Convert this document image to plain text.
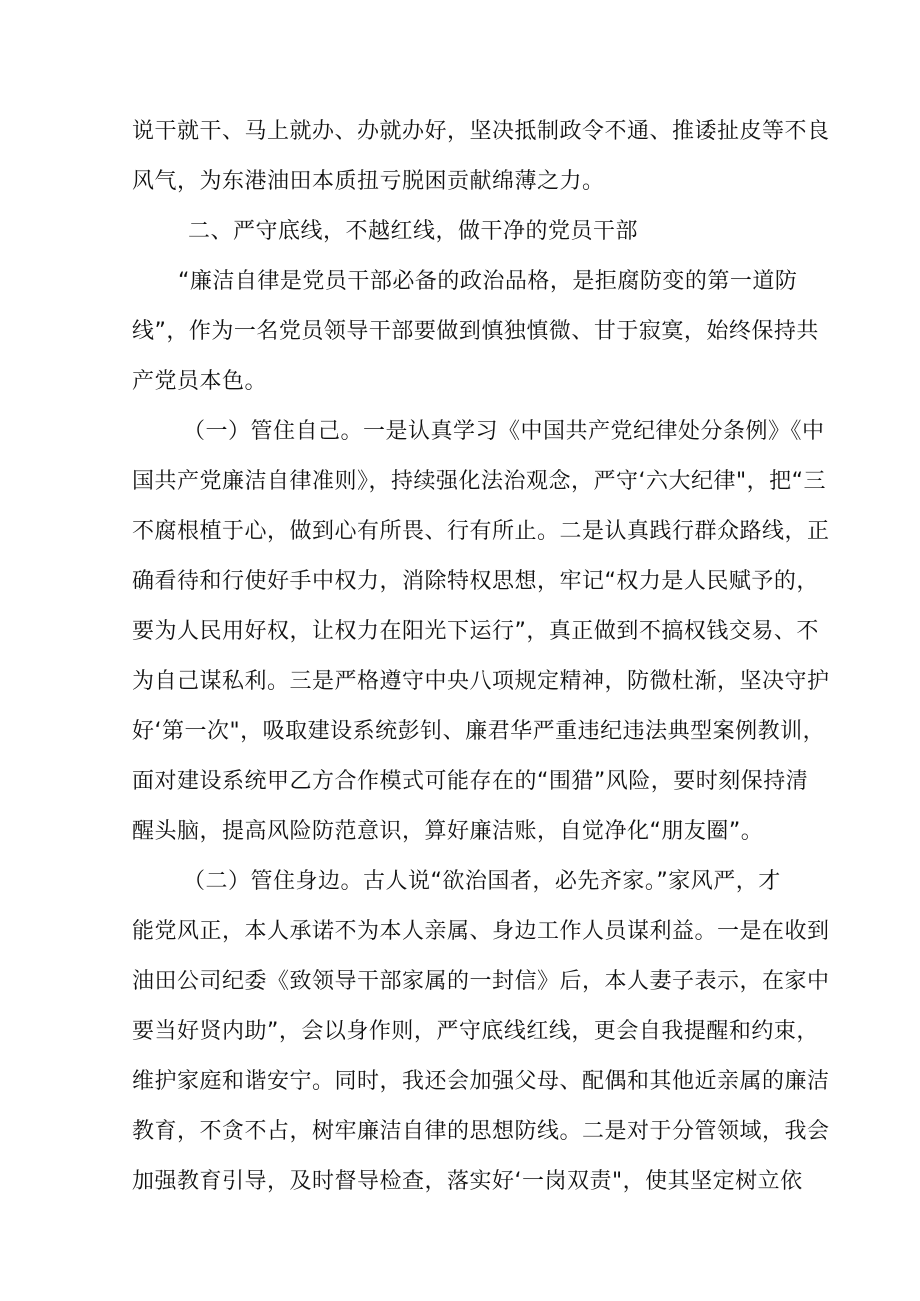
说干就干、马上就办、办就办好，坚决抵制政令不通、推诿扯皮等不良
风气，为东港油田本质扭亏脱困贡献绵薄之力。
二、严守底线，不越红线，做干净的党员干部
“廉洁自律是党员干部必备的政治品格，是拒腐防变的第一道防
线”，作为一名党员领导干部要做到慎独慎微、甘于寂寞，始终保持共
产党员本色。
（一）管住自己。一是认真学习《中国共产党纪律处分条例》《中
国共产党廉洁自律准则》，持续强化法治观念，严守‘六大纪律"，把“三
不腐根植于心，做到心有所畏、行有所止。二是认真践行群众路线，正
确看待和行使好手中权力，消除特权思想，牢记“权力是人民赋予的，
要为人民用好权，让权力在阳光下运行”，真正做到不搞权钱交易、不
为自己谋私利。三是严格遵守中央八项规定精神，防微杜渐，坚决守护
好‘第一次"，吸取建设系统彭钊、廉君华严重违纪违法典型案例教训，
面对建设系统甲乙方合作模式可能存在的“围猎”风险，要时刻保持清
醒头脑，提高风险防范意识，算好廉洁账，自觉净化“朋友圈”。
（二）管住身边。古人说“欲治国者，必先齐家。”家风严，才
能党风正，本人承诺不为本人亲属、身边工作人员谋利益。一是在收到
油田公司纪委《致领导干部家属的一封信》后，本人妻子表示，在家中
要当好贤内助”，会以身作则，严守底线红线，更会自我提醒和约束，
维护家庭和谐安宁。同时，我还会加强父母、配偶和其他近亲属的廉洁
教育，不贪不占，树牢廉洁自律的思想防线。二是对于分管领域，我会
加强教育引导，及时督导检查，落实好‘一岗双责"，使其坚定树立依
